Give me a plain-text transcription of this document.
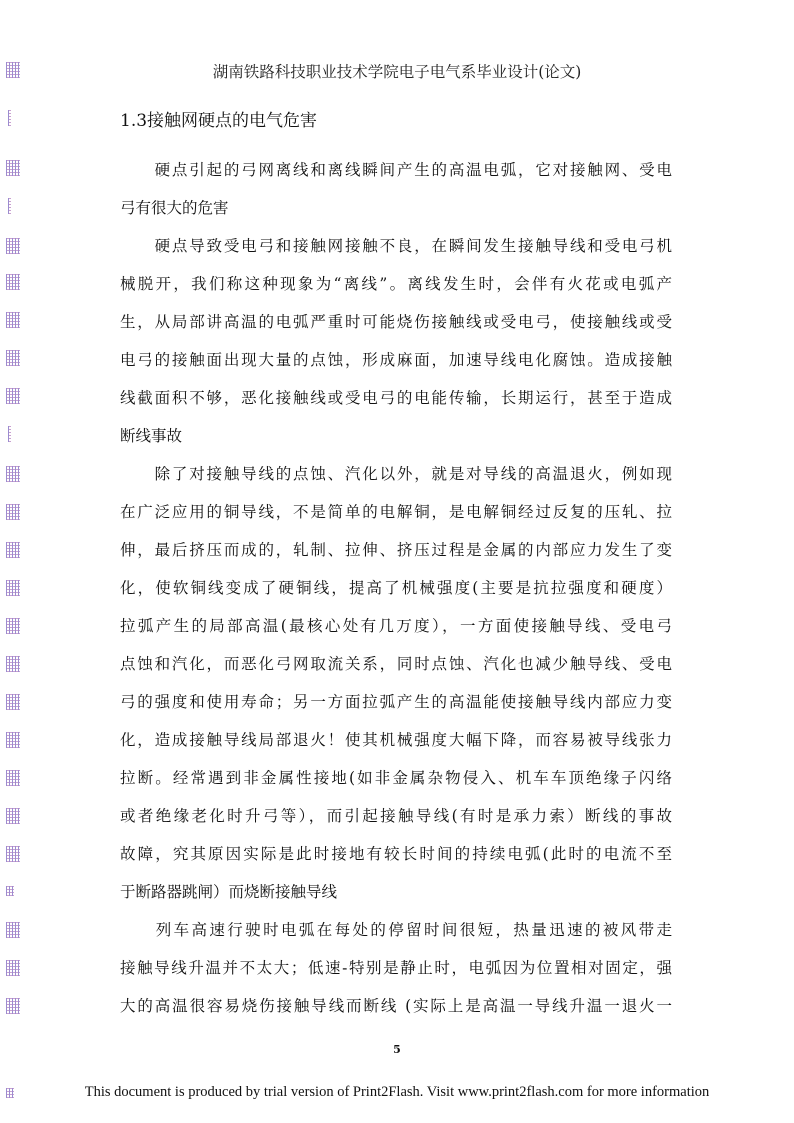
湖南铁路科技职业技术学院电子电气系毕业设计(论文)
1.3接触网硬点的电气危害
　　硬点引起的弓网离线和离线瞬间产生的高温电弧，它对接触网、受电
弓有很大的危害
　　硬点导致受电弓和接触网接触不良，在瞬间发生接触导线和受电弓机
械脱开，我们称这种现象为“离线”。离线发生时，会伴有火花或电弧产
生，从局部讲高温的电弧严重时可能烧伤接触线或受电弓，使接触线或受
电弓的接触面出现大量的点蚀，形成麻面，加速导线电化腐蚀。造成接触
线截面积不够，恶化接触线或受电弓的电能传输，长期运行，甚至于造成
断线事故
　　除了对接触导线的点蚀、汽化以外，就是对导线的高温退火，例如现
在广泛应用的铜导线，不是简单的电解铜，是电解铜经过反复的压轧、拉
伸，最后挤压而成的，轧制、拉伸、挤压过程是金属的内部应力发生了变
化，使软铜线变成了硬铜线，提高了机械强度(主要是抗拉强度和硬度）
拉弧产生的局部高温(最核心处有几万度），一方面使接触导线、受电弓
点蚀和汽化，而恶化弓网取流关系，同时点蚀、汽化也减少触导线、受电
弓的强度和使用寿命；另一方面拉弧产生的高温能使接触导线内部应力变
化，造成接触导线局部退火！使其机械强度大幅下降，而容易被导线张力
拉断。经常遇到非金属性接地(如非金属杂物侵入、机车车顶绝缘子闪络
或者绝缘老化时升弓等），而引起接触导线(有时是承力索）断线的事故
故障，究其原因实际是此时接地有较长时间的持续电弧(此时的电流不至
于断路器跳闸）而烧断接触导线
　　列车高速行驶时电弧在每处的停留时间很短，热量迅速的被风带走
接触导线升温并不太大；低速-特别是静止时，电弧因为位置相对固定，强
大的高温很容易烧伤接触导线而断线 (实际上是高温一导线升温一退火一
5
This document is produced by trial version of Print2Flash. Visit www.print2flash.com for more information
